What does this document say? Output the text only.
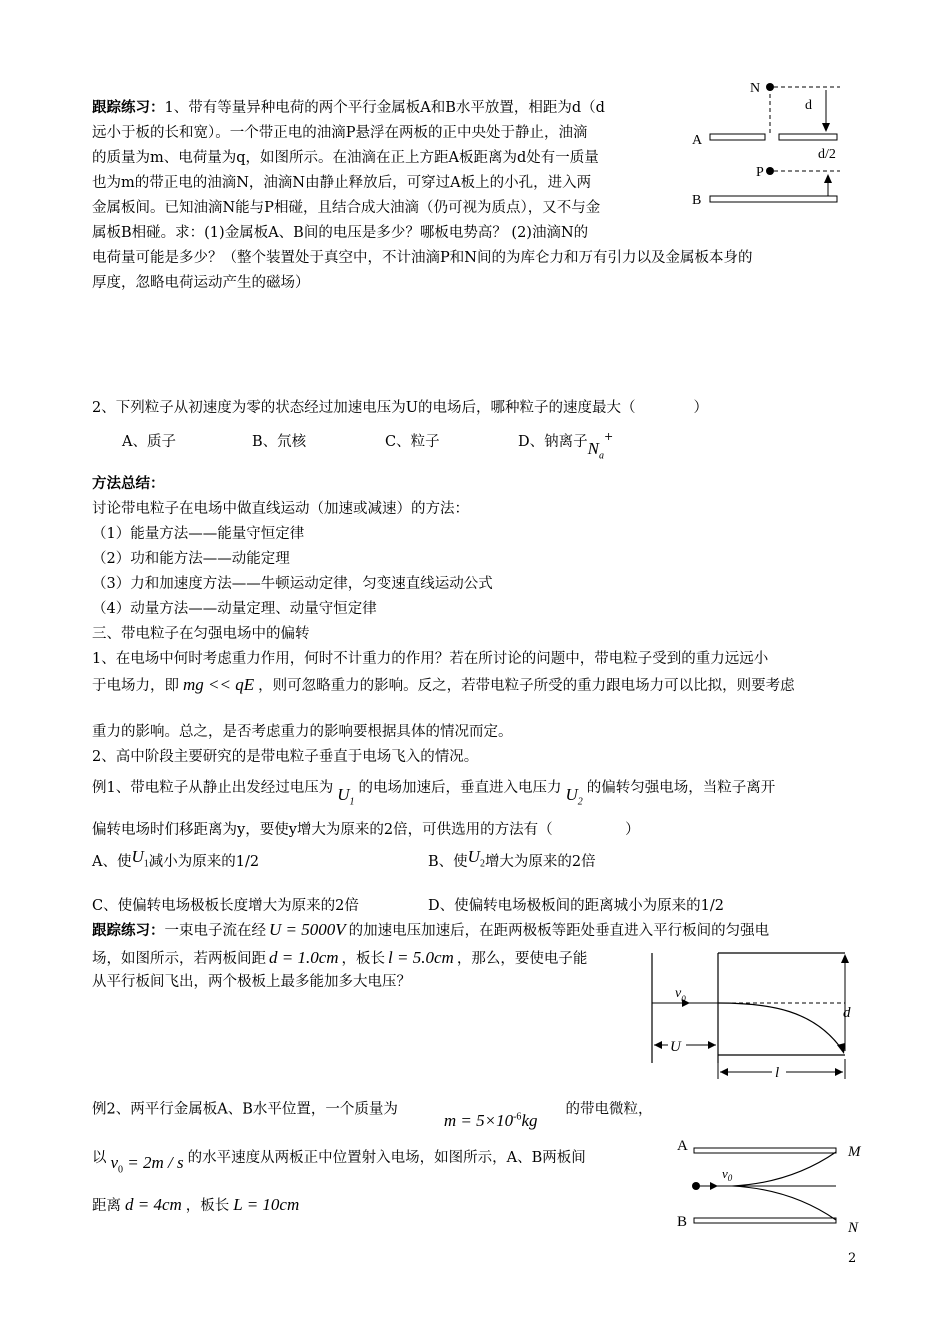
跟踪练习：1、带有等量异种电荷的两个平行金属板A和B水平放置，相距为d（d
远小于板的长和宽）。一个带正电的油滴P悬浮在两板的正中央处于静止，油滴
的质量为m、电荷量为q，如图所示。在油滴在正上方距A板距离为d处有一质量
也为m的带正电的油滴N，油滴N由静止释放后，可穿过A板上的小孔，进入两
金属板间。已知油滴N能与P相碰，且结合成大油滴（仍可视为质点），又不与金
属板B相碰。求：(1)金属板A、B间的电压是多少？哪板电势高？ (2)油滴N的
电荷量可能是多少？（整个装置处于真空中，不计油滴P和N间的为库仑力和万有引力以及金属板本身的
厚度，忽略电荷运动产生的磁场）
N
d
A
d/2
P
B
2、下列粒子从初速度为零的状态经过加速电压为U的电场后，哪种粒子的速度最大（　　　　）
A、质子	B、氘核	C、粒子	D、钠离子$N_a^+$
方法总结：
讨论带电粒子在电场中做直线运动（加速或减速）的方法：
（1）能量方法——能量守恒定律
（2）功和能方法——动能定理
（3）力和加速度方法——牛顿运动定律，匀变速直线运动公式
（4）动量方法——动量定理、动量守恒定律
三、带电粒子在匀强电场中的偏转
1、在电场中何时考虑重力作用，何时不计重力的作用？若在所讨论的问题中，带电粒子受到的重力远远小
于电场力，即 mg << qE ，则可忽略重力的影响。反之，若带电粒子所受的重力跟电场力可以比拟，则要考虑
重力的影响。总之，是否考虑重力的影响要根据具体的情况而定。
2、高中阶段主要研究的是带电粒子垂直于电场飞入的情况。
例1、带电粒子从静止出发经过电压为 $U_1$的电场加速后，垂直进入电压力 $U_2$的偏转匀强电场，当粒子离开
偏转电场时们移距离为y，要使y增大为原来的2倍，可供选用的方法有（　　　　　）
A、使$U_1$减小为原来的1/2	B、使$U_2$增大为原来的2倍
C、使偏转电场极板长度增大为原来的2倍	D、使偏转电场极板间的距离城小为原来的1/2
跟踪练习：一束电子流在经 U = 5000V 的加速电压加速后，在距两极板等距处垂直进入平行板间的匀强电
场，如图所示，若两板间距 d = 1.0cm ，板长 l = 5.0cm ，那么，要使电子能
从平行板间飞出，两个极板上最多能加多大电压？
$v_0$
d
U
l
例2、两平行金属板A、B水平位置，一个质量为$m = 5\times 10^{-6}kg$的带电微粒，
以 $v_0 = 2m / s$ 的水平速度从两板正中位置射入电场，如图所示，A、B两板间
距离 d = 4cm ，板长 L = 10cm
A
B
$v_0$
M
N
2
